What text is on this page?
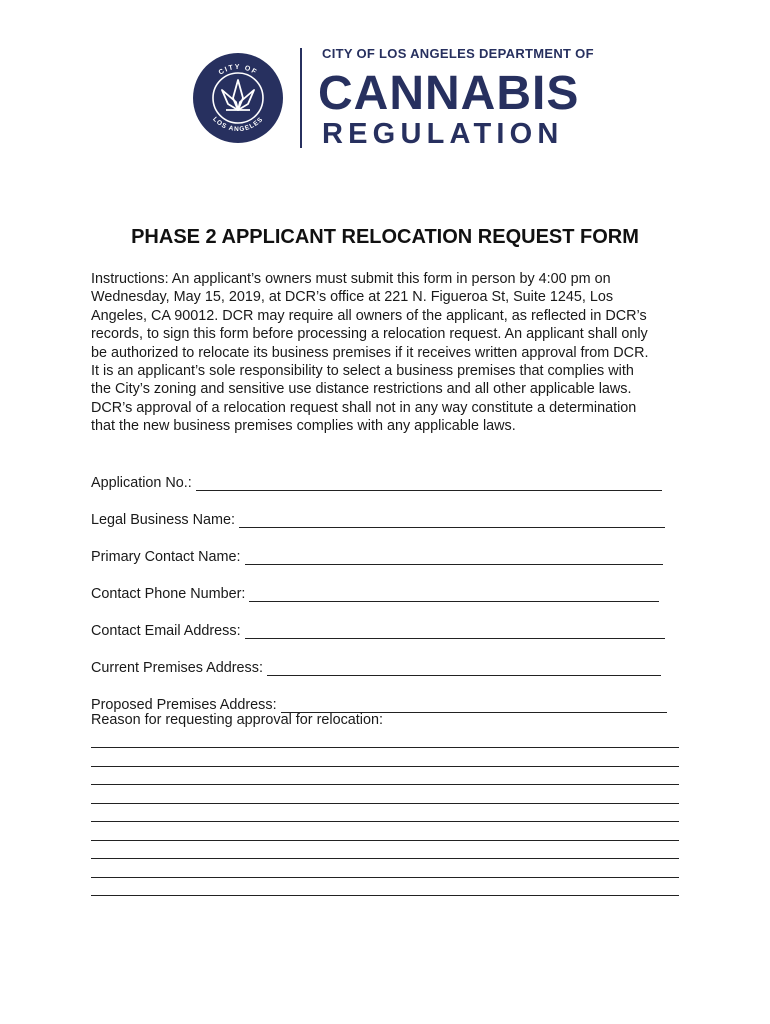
CITY OF
LOS ANGELES
CITY OF LOS ANGELES DEPARTMENT OF
CANNABIS
REGULATION
PHASE 2 APPLICANT RELOCATION REQUEST FORM
Instructions: An applicant’s owners must submit this form in person by 4:00 pm on
Wednesday, May 15, 2019, at DCR’s office at 221 N. Figueroa St, Suite 1245, Los
Angeles, CA 90012. DCR may require all owners of the applicant, as reflected in DCR’s
records, to sign this form before processing a relocation request. An applicant shall only
be authorized to relocate its business premises if it receives written approval from DCR.
It is an applicant’s sole responsibility to select a business premises that complies with
the City’s zoning and sensitive use distance restrictions and all other applicable laws.
DCR’s approval of a relocation request shall not in any way constitute a determination
that the new business premises complies with any applicable laws.
Application No.:
Legal Business Name:
Primary Contact Name:
Contact Phone Number:
Contact Email Address:
Current Premises Address:
Proposed Premises Address:
Reason for requesting approval for relocation:
